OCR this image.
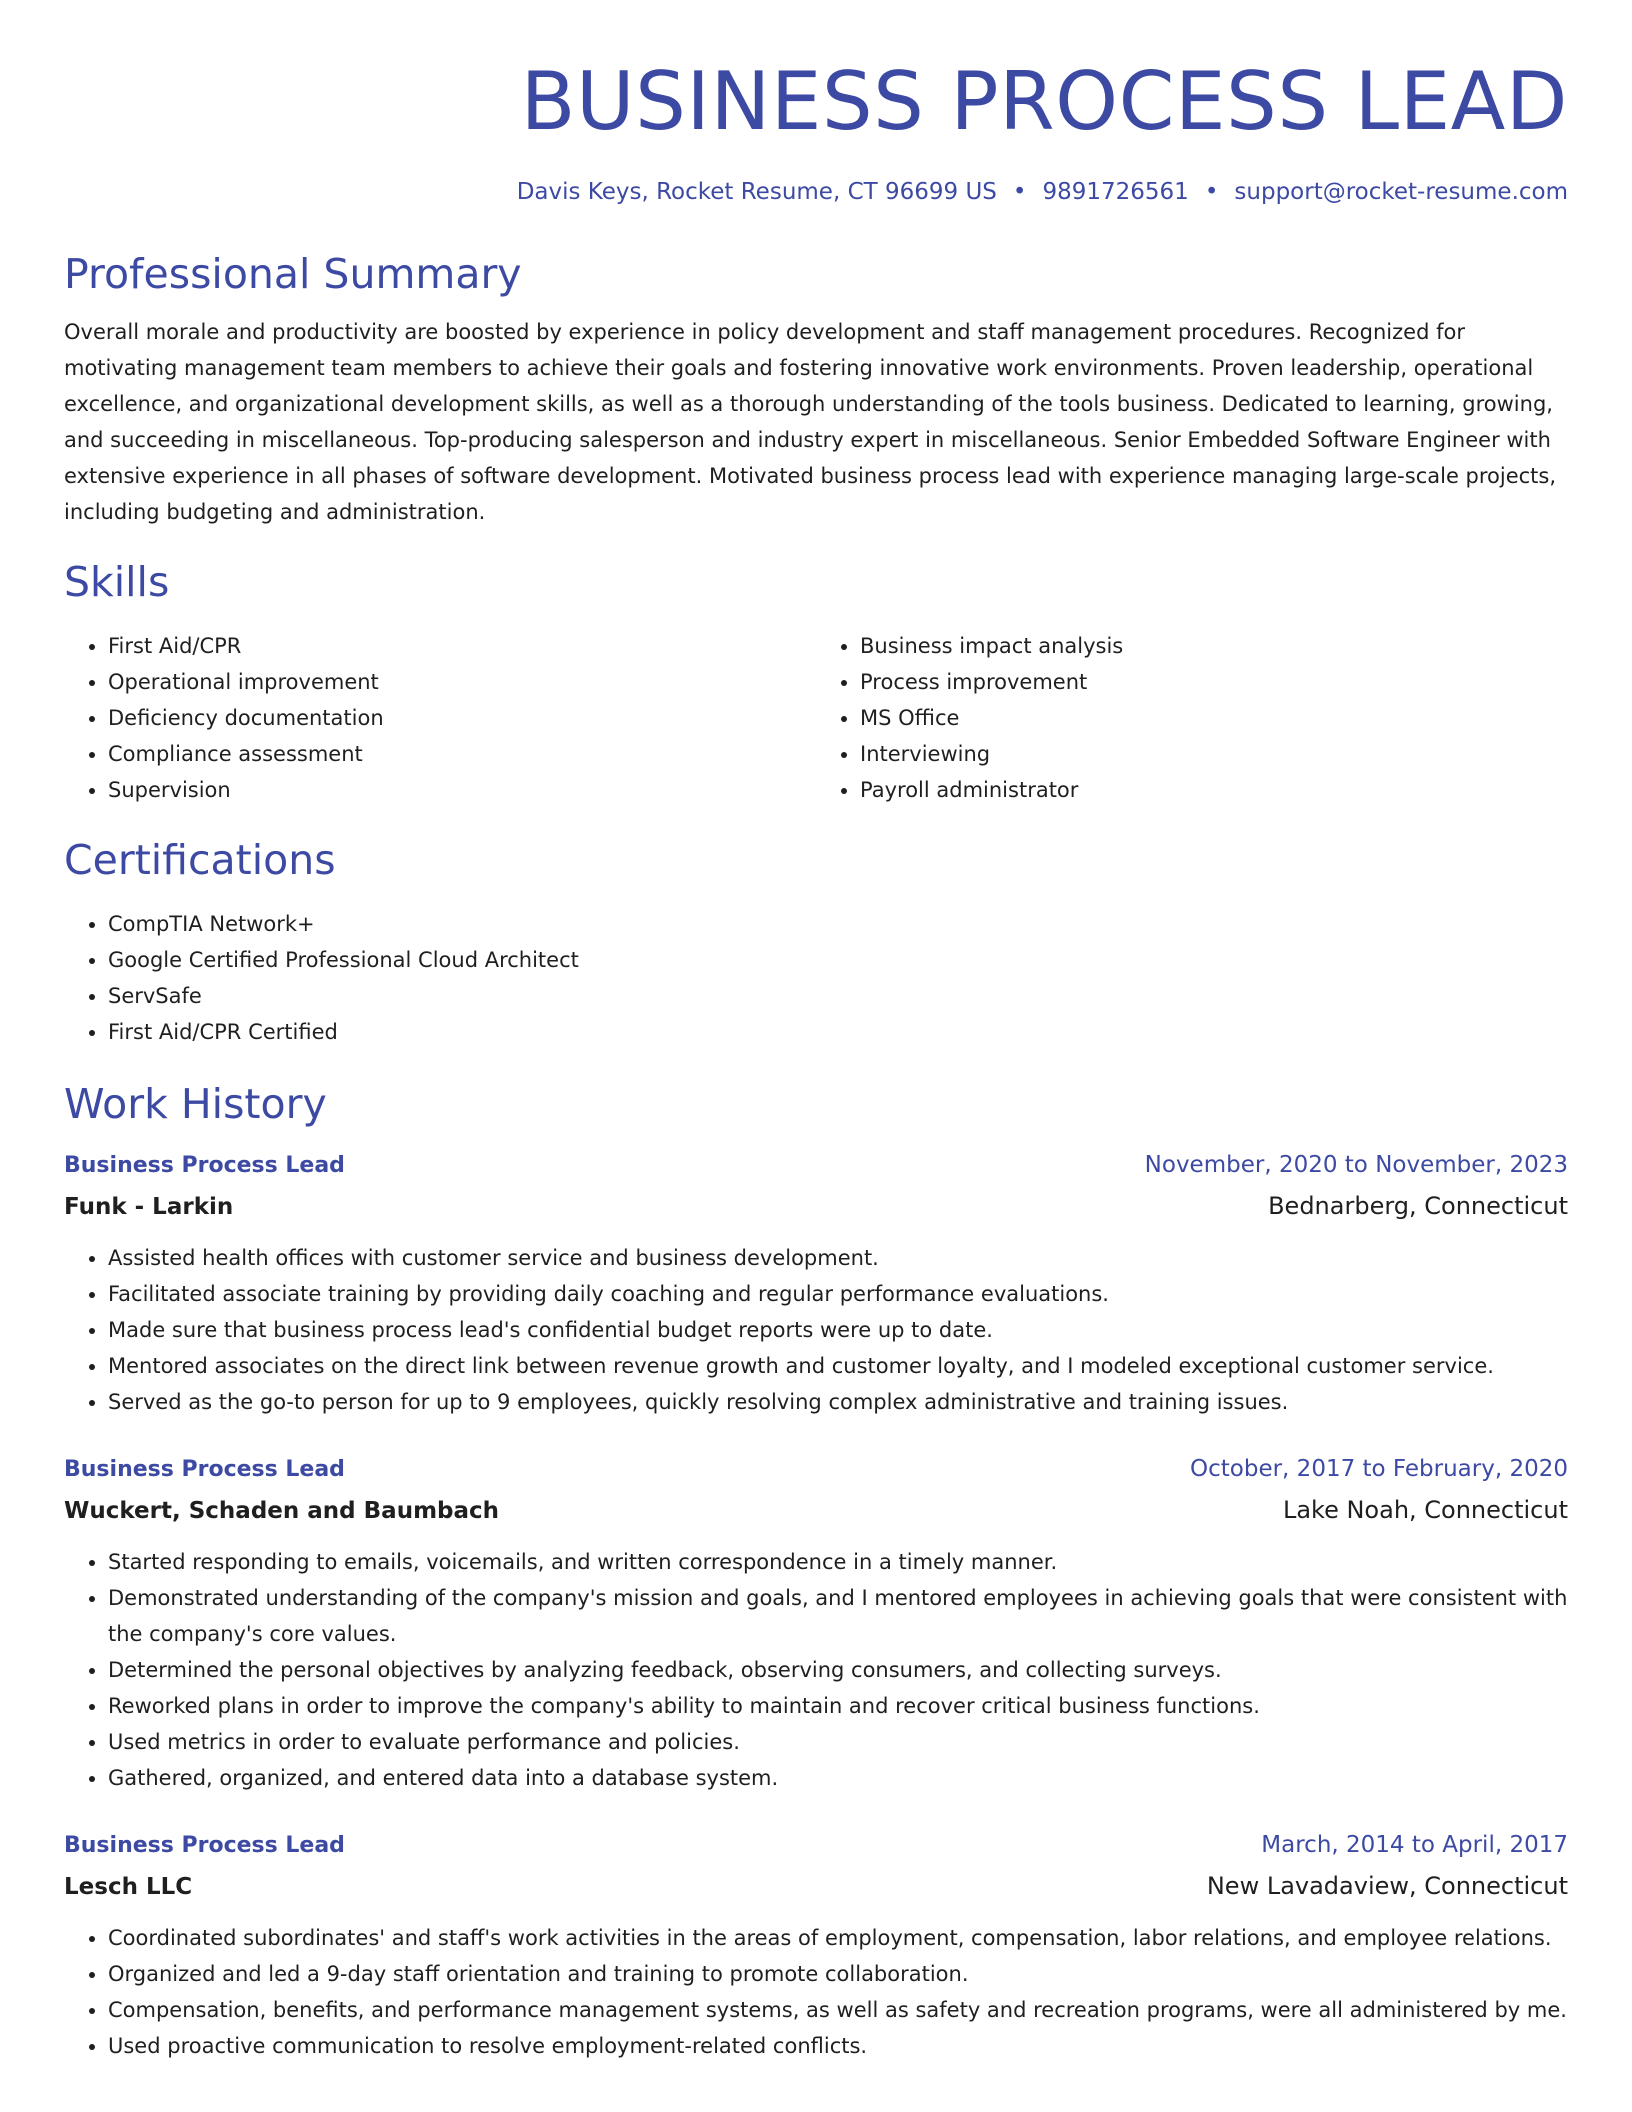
BUSINESS PROCESS LEAD
Davis Keys, Rocket Resume, CT 96699 US • 9891726561 • support@rocket-resume.com
Professional Summary
Overall morale and productivity are boosted by experience in policy development and staff management procedures. Recognized for motivating management team members to achieve their goals and fostering innovative work environments. Proven leadership, operational excellence, and organizational development skills, as well as a thorough understanding of the tools business. Dedicated to learning, growing, and succeeding in miscellaneous. Top-producing salesperson and industry expert in miscellaneous. Senior Embedded Software Engineer with extensive experience in all phases of software development. Motivated business process lead with experience managing large-scale projects, including budgeting and administration.
Skills
• First Aid/CPR
• Operational improvement
• Deficiency documentation
• Compliance assessment
• Supervision
• Business impact analysis
• Process improvement
• MS Office
• Interviewing
• Payroll administrator
Certifications
• CompTIA Network+
• Google Certified Professional Cloud Architect
• ServSafe
• First Aid/CPR Certified
Work History
Business Process Lead	November, 2020 to November, 2023
Funk - Larkin	Bednarberg, Connecticut
• Assisted health offices with customer service and business development.
• Facilitated associate training by providing daily coaching and regular performance evaluations.
• Made sure that business process lead's confidential budget reports were up to date.
• Mentored associates on the direct link between revenue growth and customer loyalty, and I modeled exceptional customer service.
• Served as the go-to person for up to 9 employees, quickly resolving complex administrative and training issues.
Business Process Lead	October, 2017 to February, 2020
Wuckert, Schaden and Baumbach	Lake Noah, Connecticut
• Started responding to emails, voicemails, and written correspondence in a timely manner.
• Demonstrated understanding of the company's mission and goals, and I mentored employees in achieving goals that were consistent with the company's core values.
• Determined the personal objectives by analyzing feedback, observing consumers, and collecting surveys.
• Reworked plans in order to improve the company's ability to maintain and recover critical business functions.
• Used metrics in order to evaluate performance and policies.
• Gathered, organized, and entered data into a database system.
Business Process Lead	March, 2014 to April, 2017
Lesch LLC	New Lavadaview, Connecticut
• Coordinated subordinates' and staff's work activities in the areas of employment, compensation, labor relations, and employee relations.
• Organized and led a 9-day staff orientation and training to promote collaboration.
• Compensation, benefits, and performance management systems, as well as safety and recreation programs, were all administered by me.
• Used proactive communication to resolve employment-related conflicts.
